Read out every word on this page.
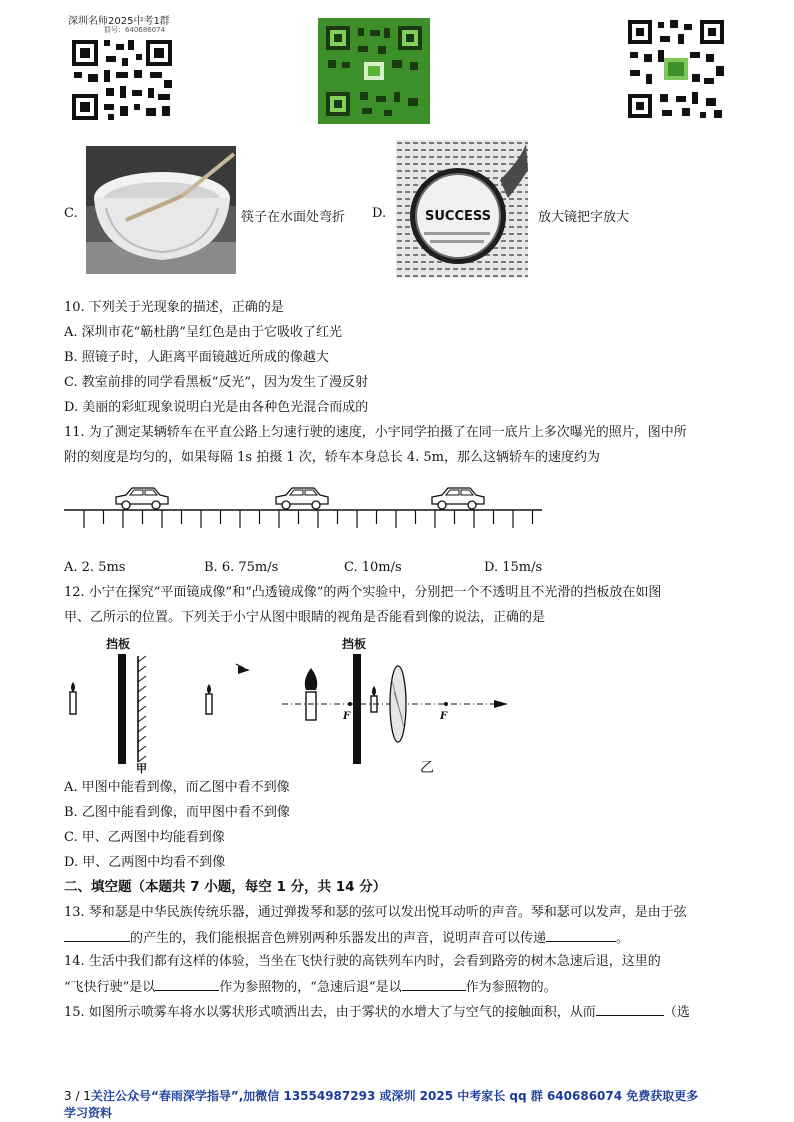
深圳名师2025中考1群
群号：640686074
C.	筷子在水面处弯折 D.	SUCCESS	放大镜把字放大
10. 下列关于光现象的描述，正确的是
A. 深圳市花“簕杜鹃”呈红色是由于它吸收了红光
B. 照镜子时，人距离平面镜越近所成的像越大
C. 教室前排的同学看黑板“反光”，因为发生了漫反射
D. 美丽的彩虹现象说明白光是由各种色光混合而成的
11. 为了测定某辆轿车在平直公路上匀速行驶的速度，小宇同学拍摄了在同一底片上多次曝光的照片，图中所
附的刻度是均匀的，如果每隔 1s 拍摄 1 次，轿车本身总长 4. 5m，那么这辆轿车的速度约为
A. 2. 5ms	B. 6. 75m/s	C. 10m/s	D. 15m/s
12. 小宁在探究“平面镜成像”和“凸透镜成像”的两个实验中，分别把一个不透明且不光滑的挡板放在如图
甲、乙所示的位置。下列关于小宁从图中眼睛的视角是否能看到像的说法，正确的是
挡板
甲
挡板
F	F
乙
A. 甲图中能看到像，而乙图中看不到像
B. 乙图中能看到像，而甲图中看不到像
C. 甲、乙两图中均能看到像
D. 甲、乙两图中均看不到像
二、填空题（本题共 7 小题，每空 1 分，共 14 分）
13. 琴和瑟是中华民族传统乐器，通过弹拨琴和瑟的弦可以发出悦耳动听的声音。琴和瑟可以发声，是由于弦
的产生的，我们能根据音色辨别两种乐器发出的声音，说明声音可以传递	。
14. 生活中我们都有这样的体验，当坐在飞快行驶的高铁列车内时，会看到路旁的树木急速后退，这里的
“飞快行驶”是以	作为参照物的，“急速后退”是以	作为参照物的。
15. 如图所示喷雾车将水以雾状形式喷洒出去，由于雾状的水增大了与空气的接触面积，从而	（选
3 / 1关注公众号“春雨深学指导”,加微信 13554987293 或深圳 2025 中考家长 qq 群 640686074 免费获取更多
学习资料
